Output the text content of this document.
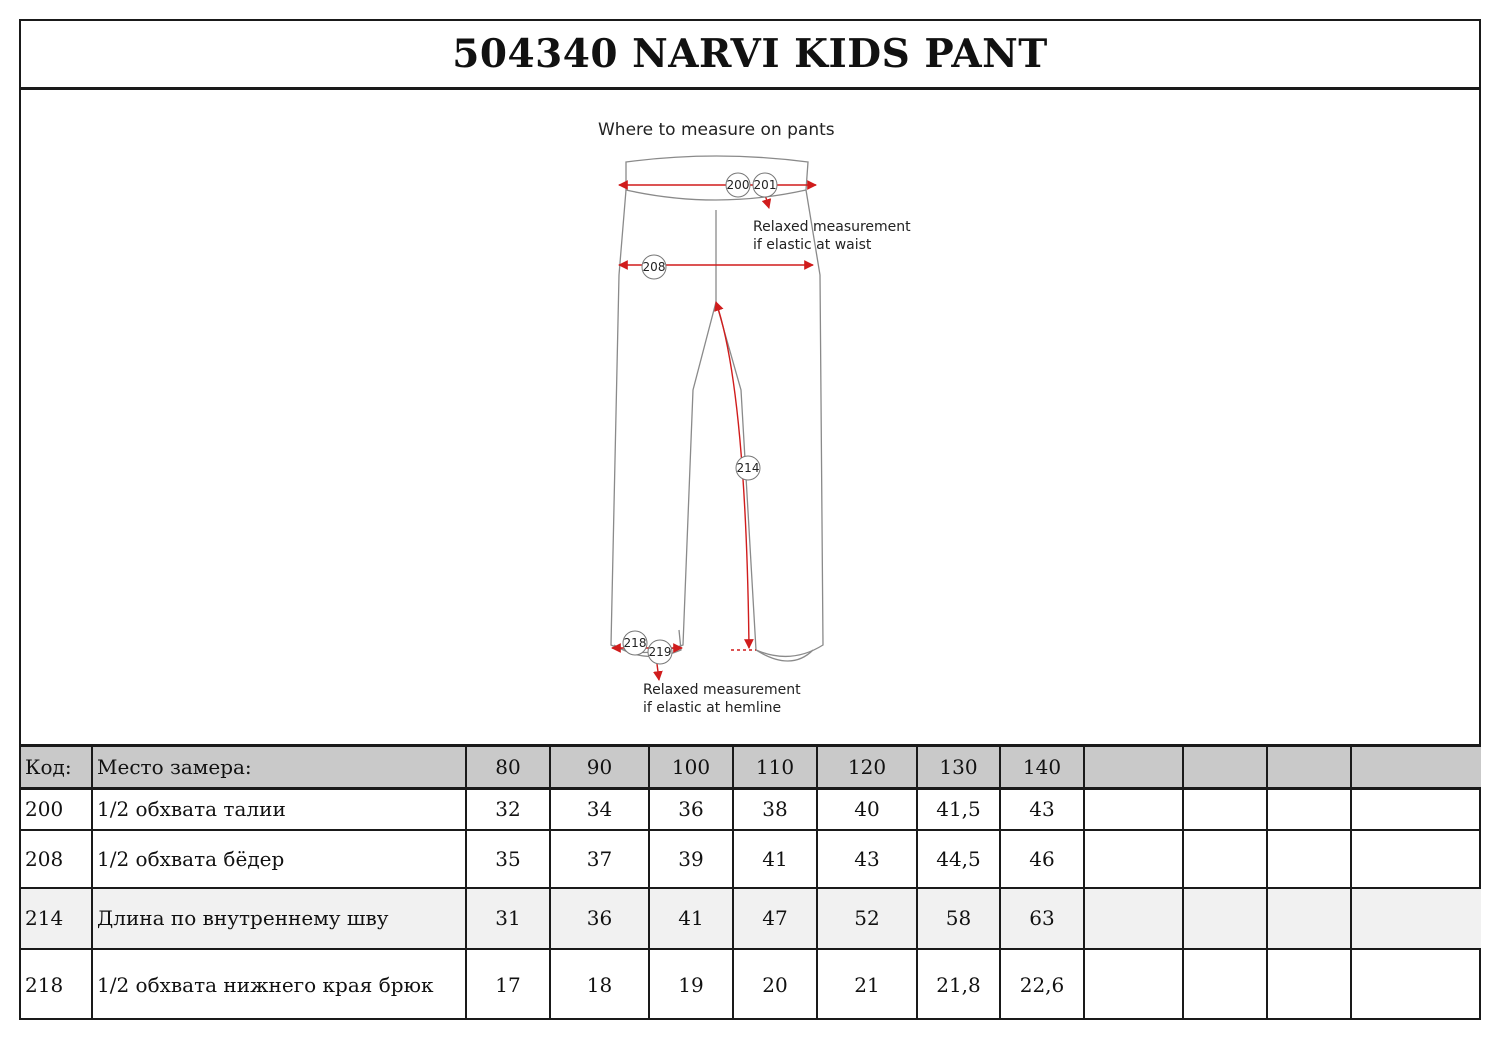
504340 NARVI KIDS PANT
Where to measure on pants
200 201
208
214
218
219
Relaxed measurement
if elastic at waist
Relaxed measurement
if elastic at hemline
Код:	Место замера:	80	90	100	110	120	130	140				
200	1/2 обхвата талии	32	34	36	38	40	41,5	43				
208	1/2 обхвата бёдер	35	37	39	41	43	44,5	46				
214	Длина по внутреннему шву	31	36	41	47	52	58	63				
218	1/2 обхвата нижнего края брюк	17	18	19	20	21	21,8	22,6				
